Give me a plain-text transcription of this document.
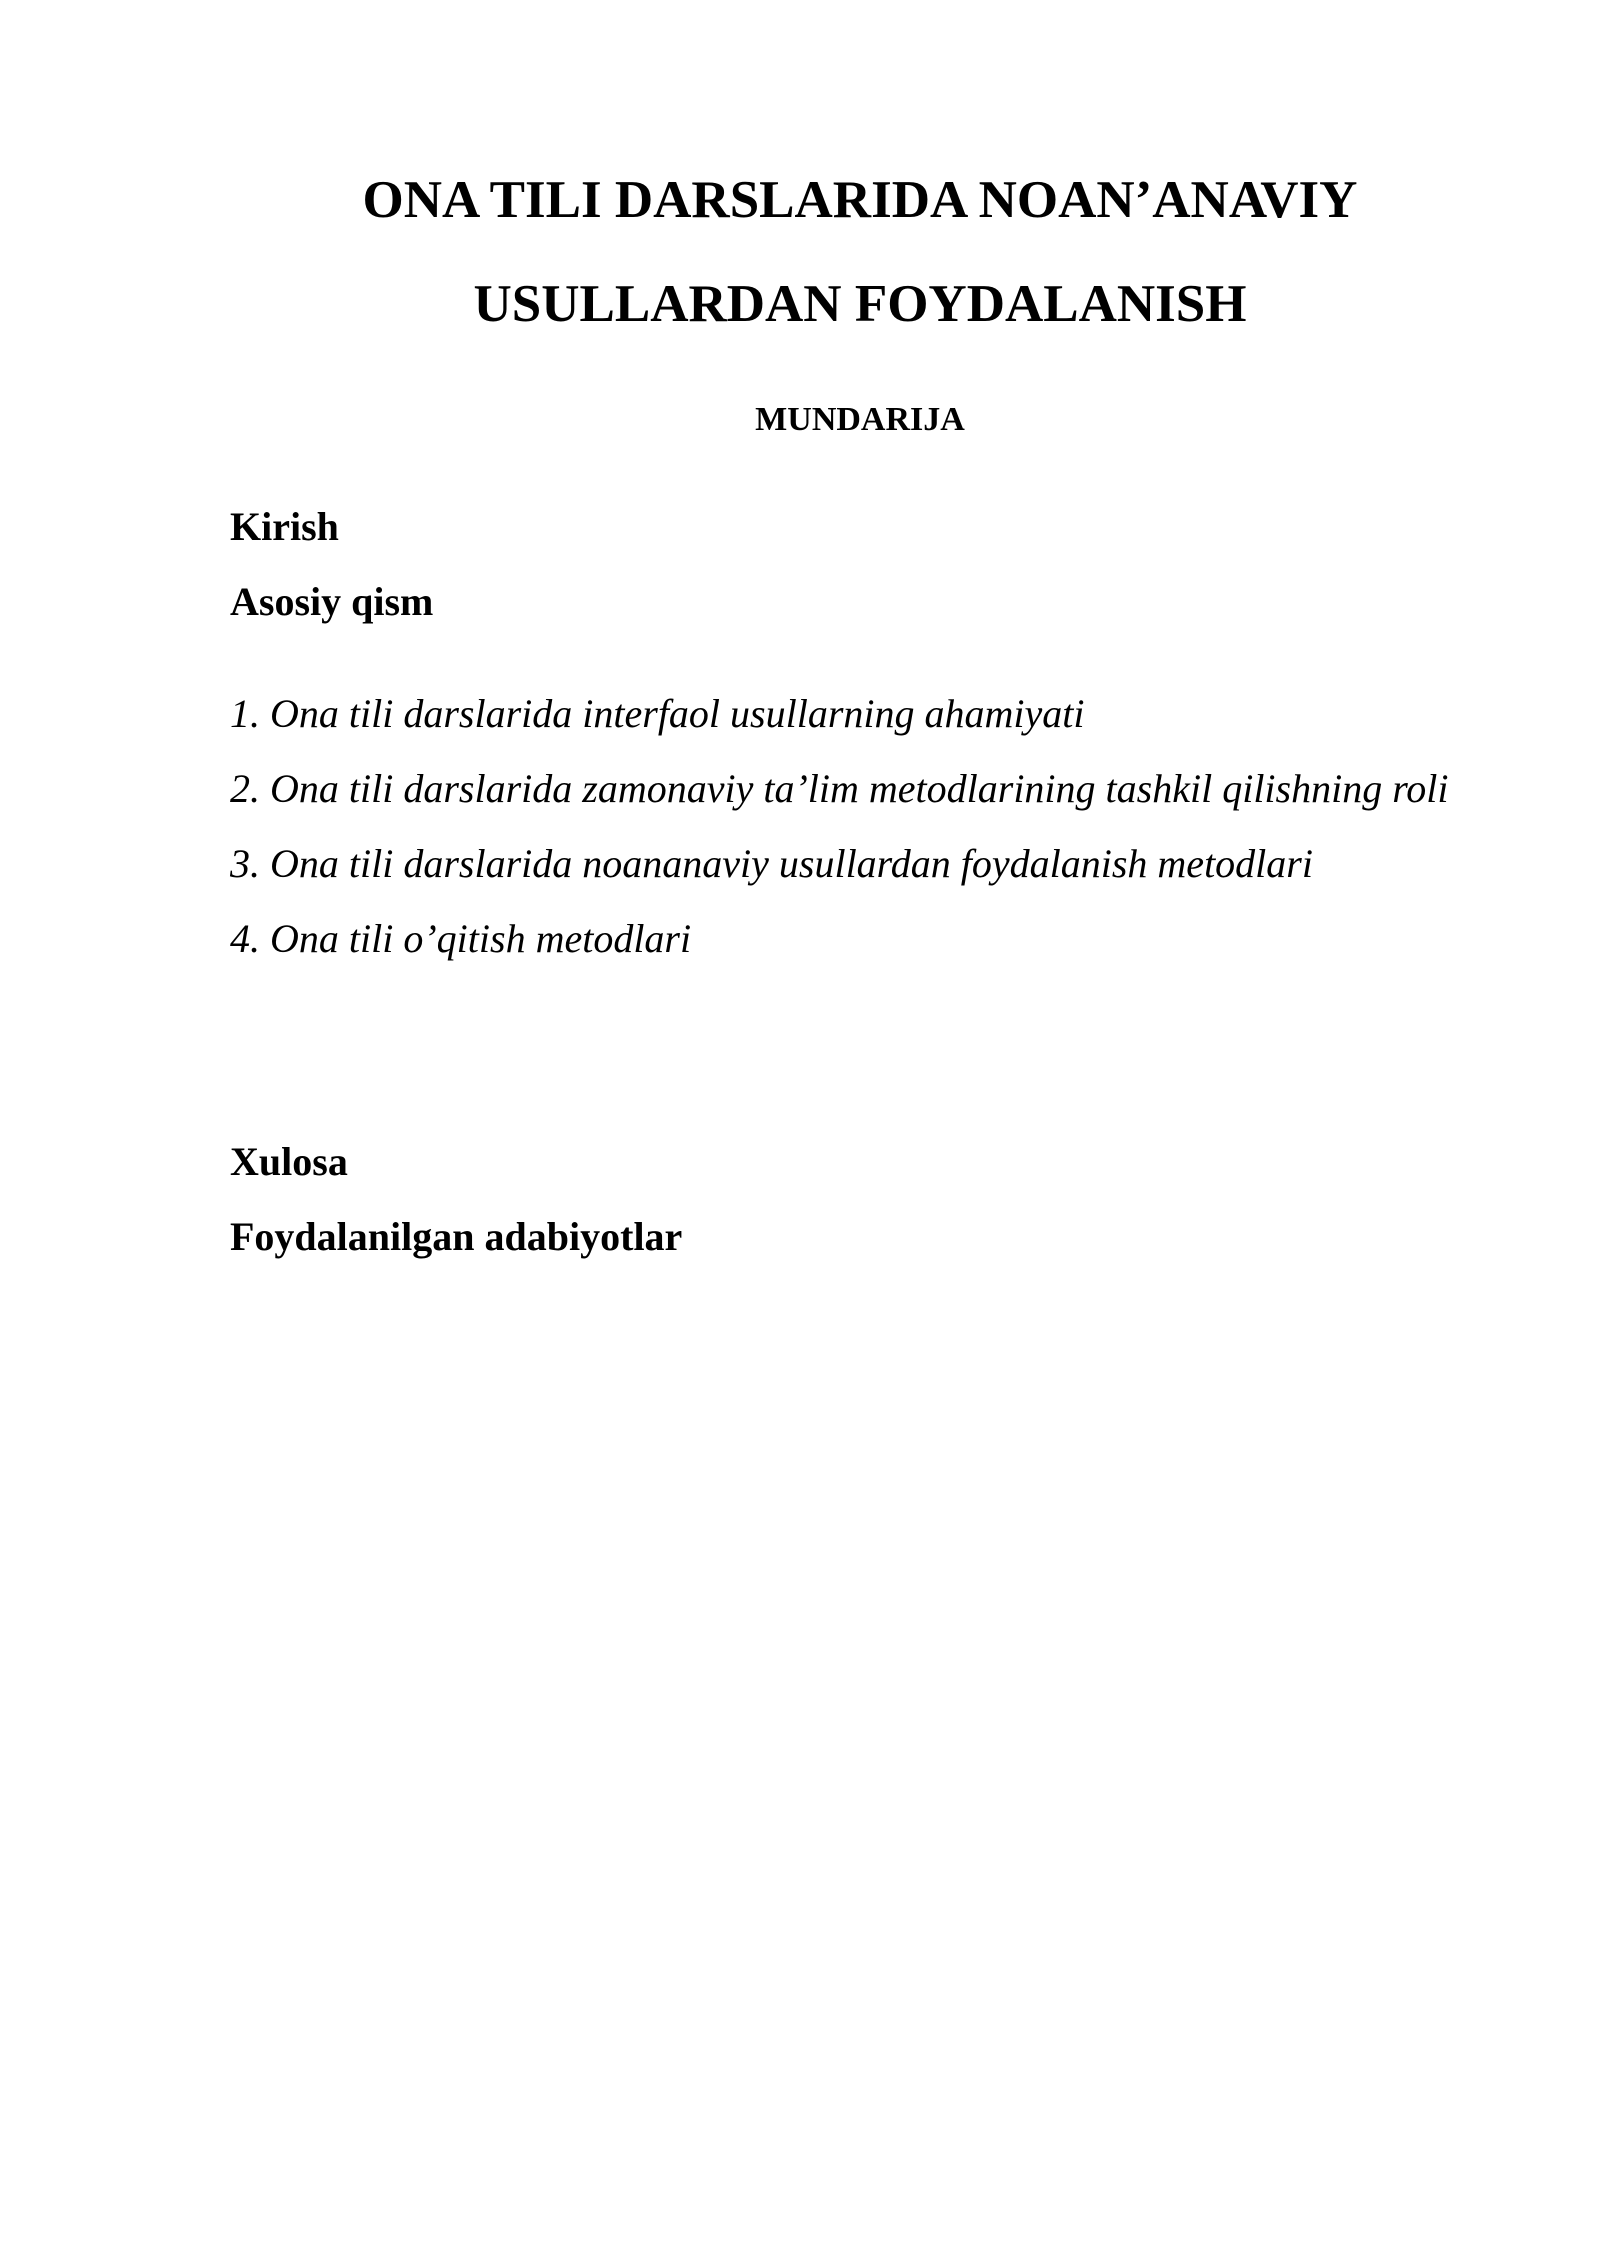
ONA TILI DARSLARIDA NOAN’ANAVIY
USULLARDAN FOYDALANISH
MUNDARIJA
Kirish
Asosiy qism
1. Ona tili darslarida interfaol usullarning ahamiyati
2. Ona tili darslarida zamonaviy ta’lim metodlarining tashkil qilishning roli
3. Ona tili darslarida noananaviy usullardan foydalanish metodlari
4. Ona tili o’qitish metodlari
Xulosa
Foydalanilgan adabiyotlar
